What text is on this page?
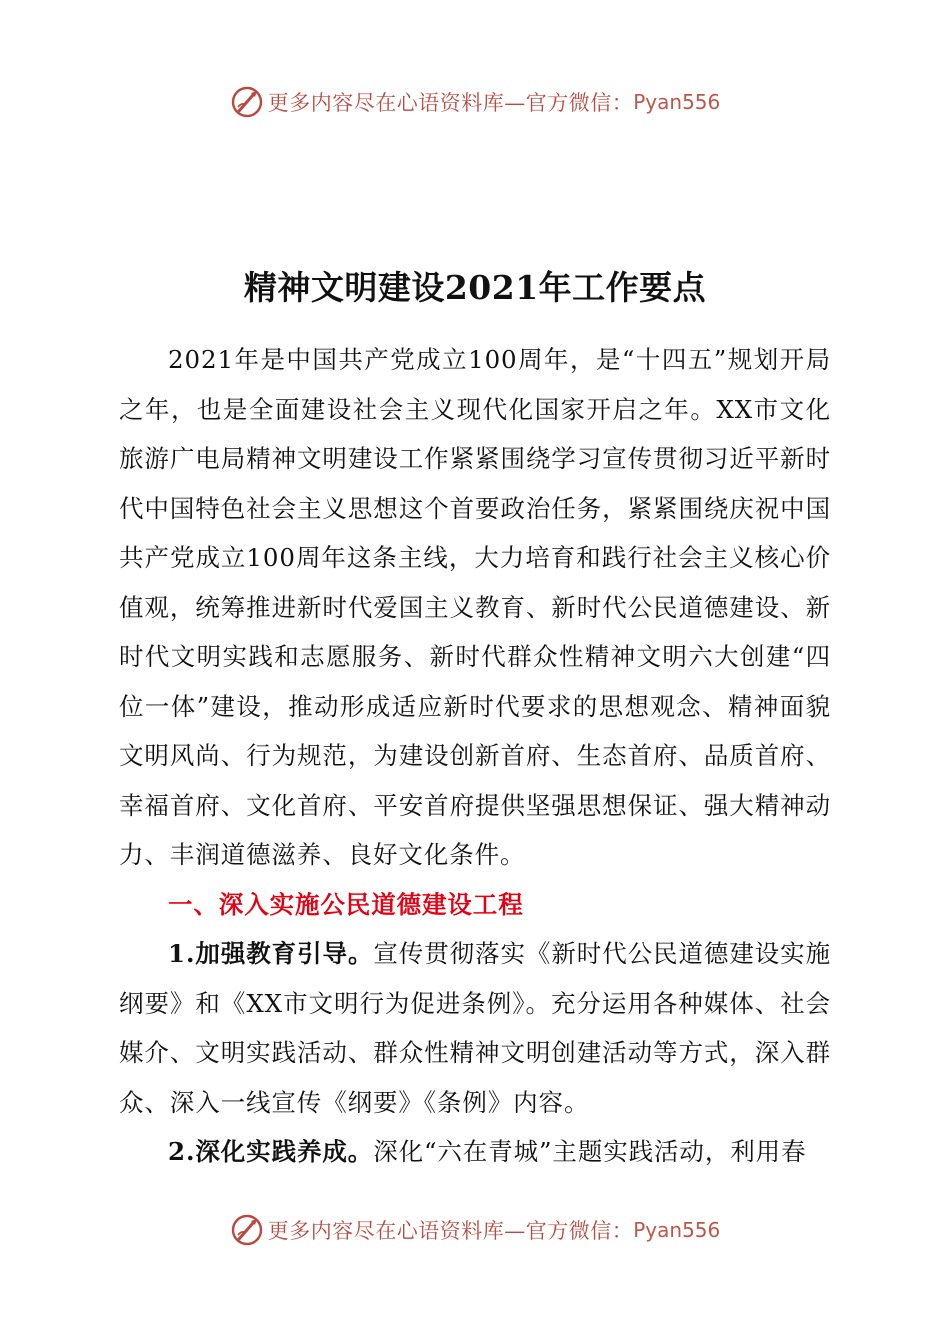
更多内容尽在心语资料库—官方微信： Pyan556
精神文明建设2021年工作要点

2021年是中国共产党成立100周年，是“十四五”规划开局之年，也是全面建设社会主义现代化国家开启之年。XX市文化旅游广电局精神文明建设工作紧紧围绕学习宣传贯彻习近平新时代中国特色社会主义思想这个首要政治任务，紧紧围绕庆祝中国共产党成立100周年这条主线，大力培育和践行社会主义核心价值观，统筹推进新时代爱国主义教育、新时代公民道德建设、新时代文明实践和志愿服务、新时代群众性精神文明六大创建“四位一体”建设，推动形成适应新时代要求的思想观念、精神面貌文明风尚、行为规范，为建设创新首府、生态首府、品质首府、幸福首府、文化首府、平安首府提供坚强思想保证、强大精神动力、丰润道德滋养、良好文化条件。

一、深入实施公民道德建设工程

1.加强教育引导。宣传贯彻落实《新时代公民道德建设实施纲要》和《XX市文明行为促进条例》。充分运用各种媒体、社会媒介、文明实践活动、群众性精神文明创建活动等方式，深入群众、深入一线宣传《纲要》《条例》内容。

2.深化实践养成。深化“六在青城”主题实践活动，利用春

更多内容尽在心语资料库—官方微信： Pyan556
